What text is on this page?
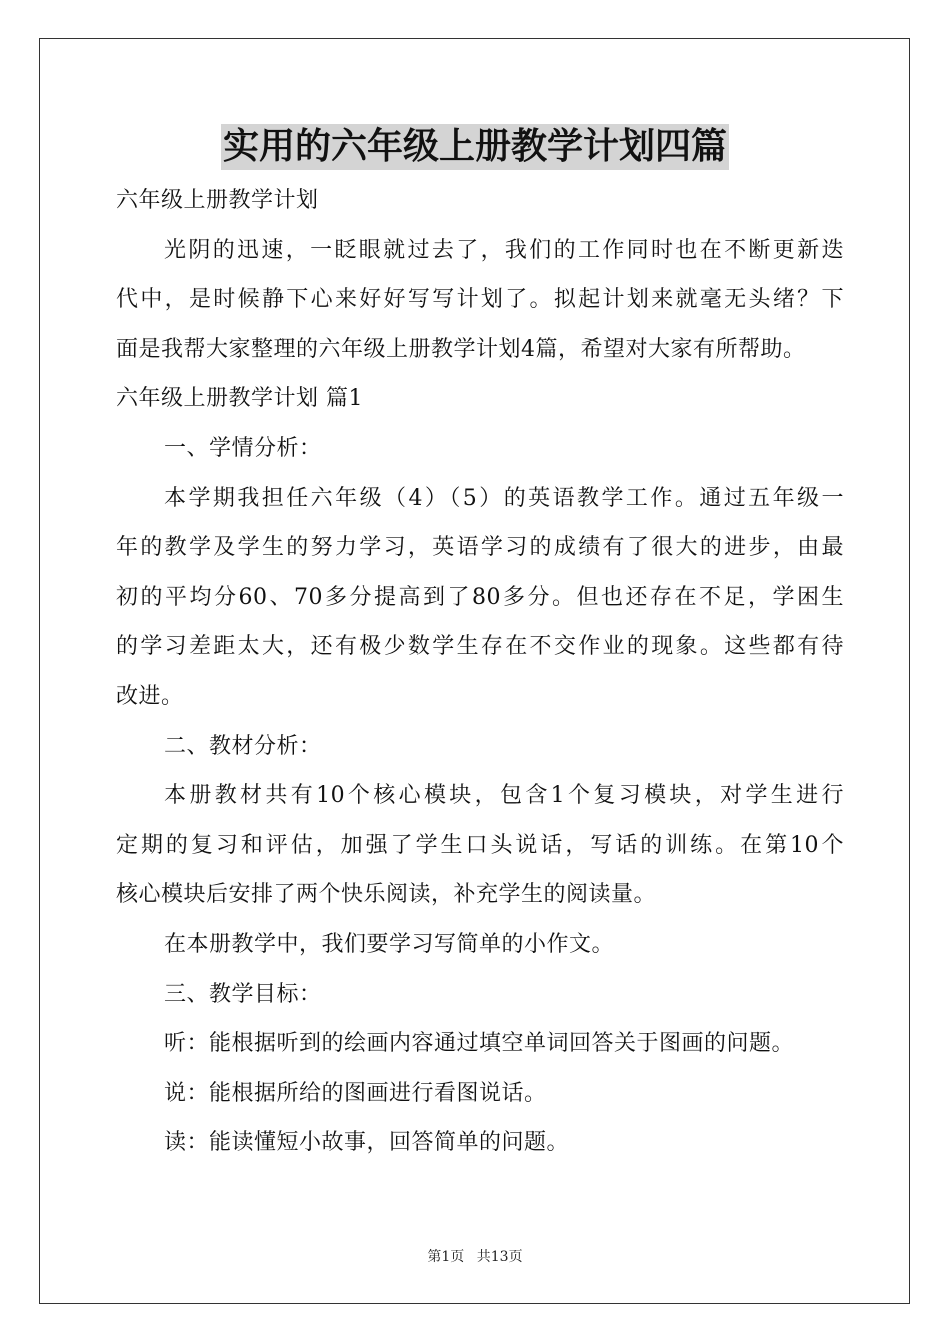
实用的六年级上册教学计划四篇
六年级上册教学计划
光阴的迅速，一眨眼就过去了，我们的工作同时也在不断更新迭
代中，是时候静下心来好好写写计划了。拟起计划来就毫无头绪？下
面是我帮大家整理的六年级上册教学计划4篇，希望对大家有所帮助。
六年级上册教学计划 篇1
一、学情分析：
本学期我担任六年级（4）（5）的英语教学工作。通过五年级一
年的教学及学生的努力学习，英语学习的成绩有了很大的进步，由最
初的平均分60、70多分提高到了80多分。但也还存在不足，学困生
的学习差距太大，还有极少数学生存在不交作业的现象。这些都有待
改进。
二、教材分析：
本册教材共有10个核心模块，包含1个复习模块，对学生进行
定期的复习和评估，加强了学生口头说话，写话的训练。在第10个
核心模块后安排了两个快乐阅读，补充学生的阅读量。
在本册教学中，我们要学习写简单的小作文。
三、教学目标：
听：能根据听到的绘画内容通过填空单词回答关于图画的问题。
说：能根据所给的图画进行看图说话。
读：能读懂短小故事，回答简单的问题。
第1页 共13页
